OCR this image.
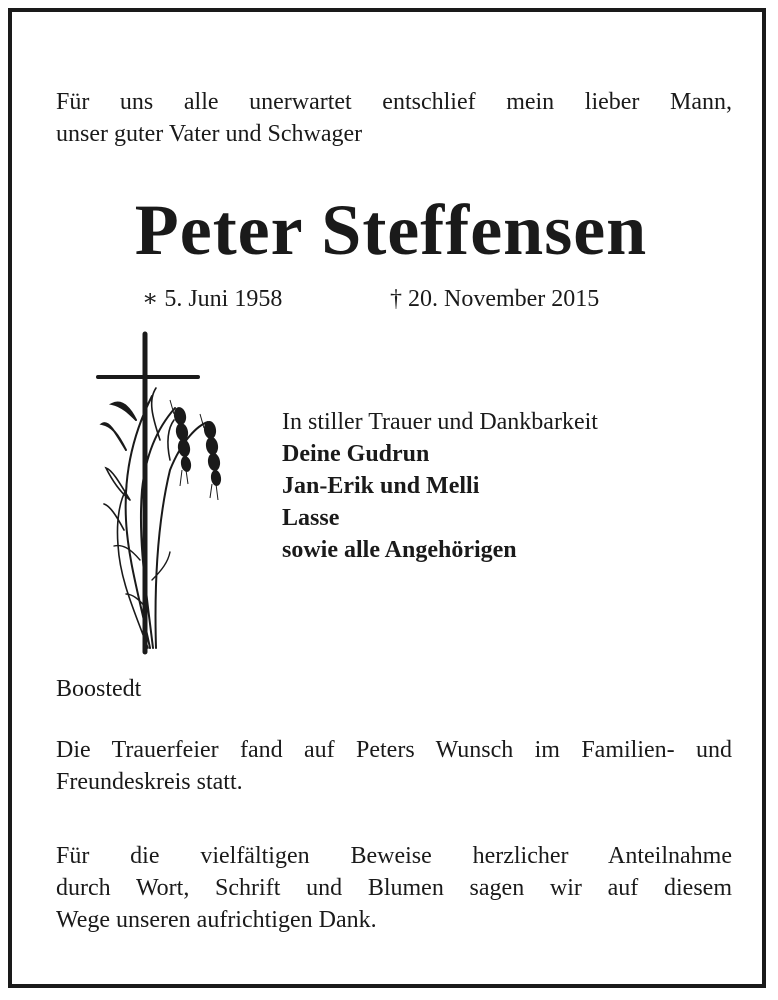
Für uns alle unerwartet entschlief mein lieber Mann,
unser guter Vater und Schwager
Peter Steffensen
∗ 5. Juni 1958	† 20. November 2015
In stiller Trauer und Dankbarkeit
Deine Gudrun
Jan-Erik und Melli
Lasse
sowie alle Angehörigen
Boostedt
Die Trauerfeier fand auf Peters Wunsch im Familien- und
Freundeskreis statt.
Für die vielfältigen Beweise herzlicher Anteilnahme
durch Wort, Schrift und Blumen sagen wir auf diesem
Wege unseren aufrichtigen Dank.
